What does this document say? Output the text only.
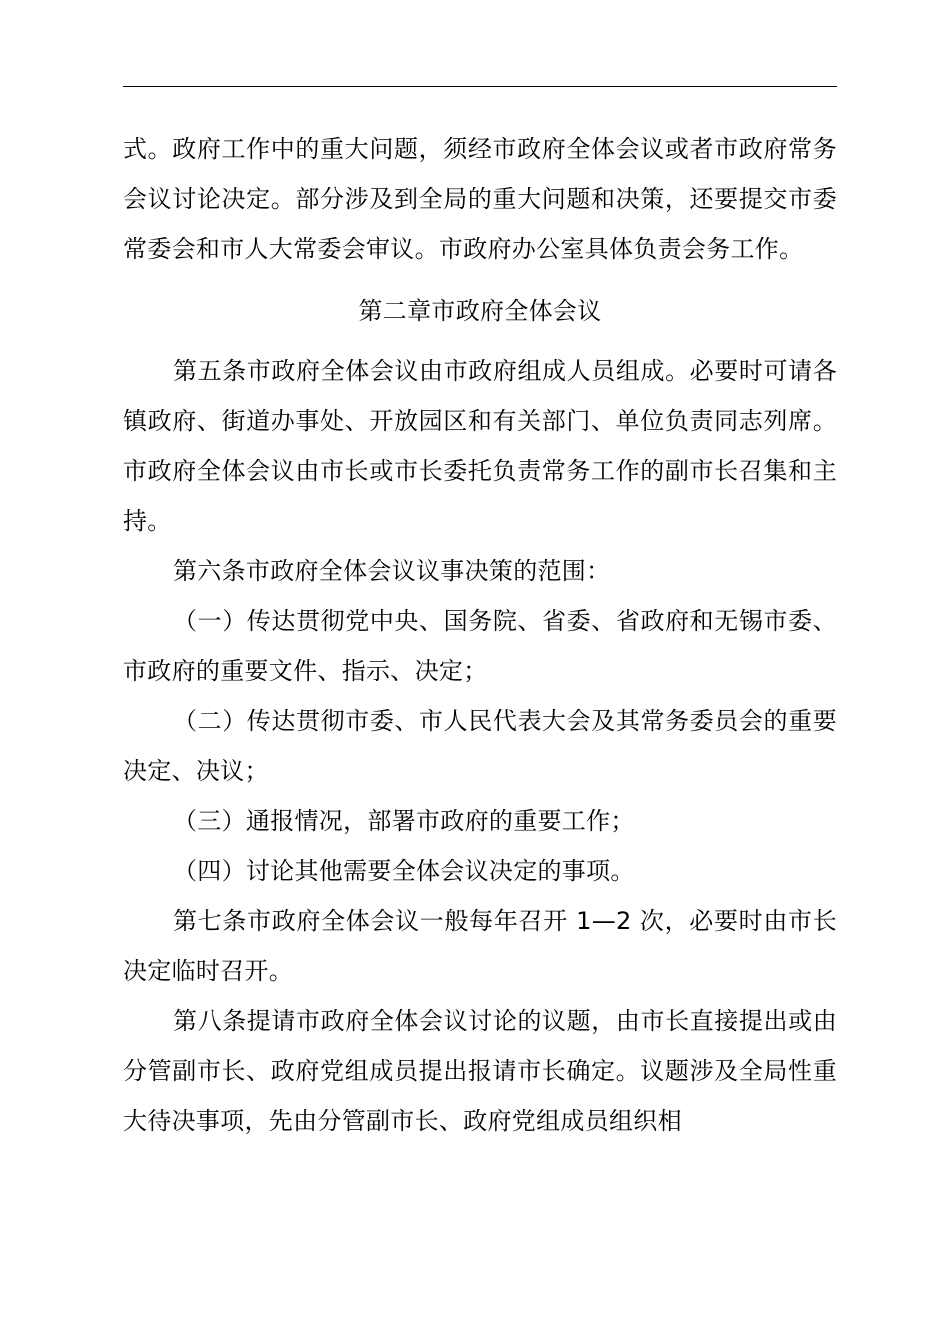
式。政府工作中的重大问题，须经市政府全体会议或者市政府常务会议讨论决定。部分涉及到全局的重大问题和决策，还要提交市委常委会和市人大常委会审议。市政府办公室具体负责会务工作。

第二章市政府全体会议

第五条市政府全体会议由市政府组成人员组成。必要时可请各镇政府、街道办事处、开放园区和有关部门、单位负责同志列席。市政府全体会议由市长或市长委托负责常务工作的副市长召集和主持。

第六条市政府全体会议议事决策的范围：

（一）传达贯彻党中央、国务院、省委、省政府和无锡市委、市政府的重要文件、指示、决定；

（二）传达贯彻市委、市人民代表大会及其常务委员会的重要决定、决议；

（三）通报情况，部署市政府的重要工作；

（四）讨论其他需要全体会议决定的事项。

第七条市政府全体会议一般每年召开 1—2 次，必要时由市长决定临时召开。

第八条提请市政府全体会议讨论的议题，由市长直接提出或由分管副市长、政府党组成员提出报请市长确定。议题涉及全局性重大待决事项，先由分管副市长、政府党组成员组织相
